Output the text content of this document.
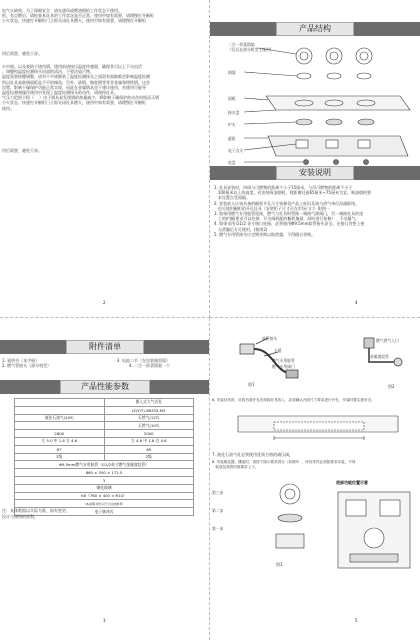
电气火缺故，为了保障安全：请在通风或燃油烟机工作状态下使用。
机、有点燃后、请检查本灶具的工作状况是否正常，使用中如有需要，请缓慢打开橱柜
小火状态，快速打开橱柜门立即关闭灶具燃火，使用中如有需要，请缓慢打开橱柜
用后需要，避免干涉。
火中间、以及观防于烧伤锅，使用前请按压温度传感器，确保其可以上下自由活
、调整档温度检测探头回部的清洁，不要沾染污物。
温度需要按键调整，请勿不平或倒装了温度检测探头之间留有间隙都会影响温度检测
所以灶具易玻璃面板是不平的倾角，另外、砂锅、陶瓷锅等等非金属和铸铁锅。这会
设置，影响干燥保护功能正常实现，因此在金属锅具也不建议使用，若使用可能导
温度检测和操作使用中发现了温度检测探头的动作，请保持灶具。
气压力范围不稳（    ）由于锅具易发现锅的热量减少，将影响干燥保护的动作时间而灭锅
小火状态，快速打开橱柜门立即关闭灶具燃火，使用中如有需要，请缓慢打开橱柜
使用。
用后需要，避免干涉。
2
产品结构
二合一炒菜锅架
（仅仅在部分机型上使用）
锅架
面板
接水盘
炉头
旋钮
电子点火
底盘
安装说明
1. 灶具安装时，四周与可燃物的距离不小于15厘米，与吊可燃物的距离不小于
100厘米以上的高度，若安装吸油烟机，则距离灶面65厘米~75厘米为宜，吸油烟机要
求设置点受间隔。
2. 安装前人应该具备的橱柜开孔尺寸请参见产品上标识及请与供气单位沟通联络。
也可使用橱柜的开孔灶具（安装柜子尺寸可在市场门口）附图一
3. 如果用燃气专用胶管连接，燃气与灶具时管接一端接气源阀门，另一端接灶具的进
上的护圈(要求可以拉掉，开关阀机配的橱柜抽屉，同时进行检修），不出漏气。
4. 如果采用 G1/2 英寸接口连接，必须使用Φ9.5mm软管接头安全。在接口处垫上密
无泄漏后方可使用。(如图2)
5. 燃气专用管接头应定期更换以防泄露，不得擅自更换。
4
附件清单
1. 说明书（本手册）	3. 电池二节（在包装箱里面）
2. 燃气管接头（部分机型）	4. 二合一炒菜锅架一个
产品性能参数
	嵌入式大气式灶
	JZ(Y/T)-9B333-M3
液化石油气(20Y)	天然气(12T)
	天然气(10T)
2800	2000
左 5.0 中 1.8 右 4.6	左 4.6 中 1.8 右 4.6
67	69
2级	2级
Φ9.5mm燃气专用胶管（G1/2英寸燃气金属波纹管）	
860 × 500 × 172.5	
3	
钢化玻璃	
K6（760 × 400 × R10）	
（本说明书所示尺寸仅供参考）	
电子脉冲式	
注：具体数据以实际为准，如有变更，
设计与规格的权利。
3
软管接头
卡箍
燃气专用胶管
燃气专用阀门
图1
燃气供气入口
金属波纹管
图2
6. 安装灶具时，应将台面开孔后再将灶具放入，必须确认台面尺寸要求进行开孔，安装时要注意安全。
7. 液化石油气灶必须使用优质合格的减压阀。
8. 安装燃烧器、镶架时，请按下图示要求进行（如图3），所有零件必须按要求安装，不得
装放及装的时候要求上下。
第三步
第二步
第一步
图3
底部功能位置示意
5
